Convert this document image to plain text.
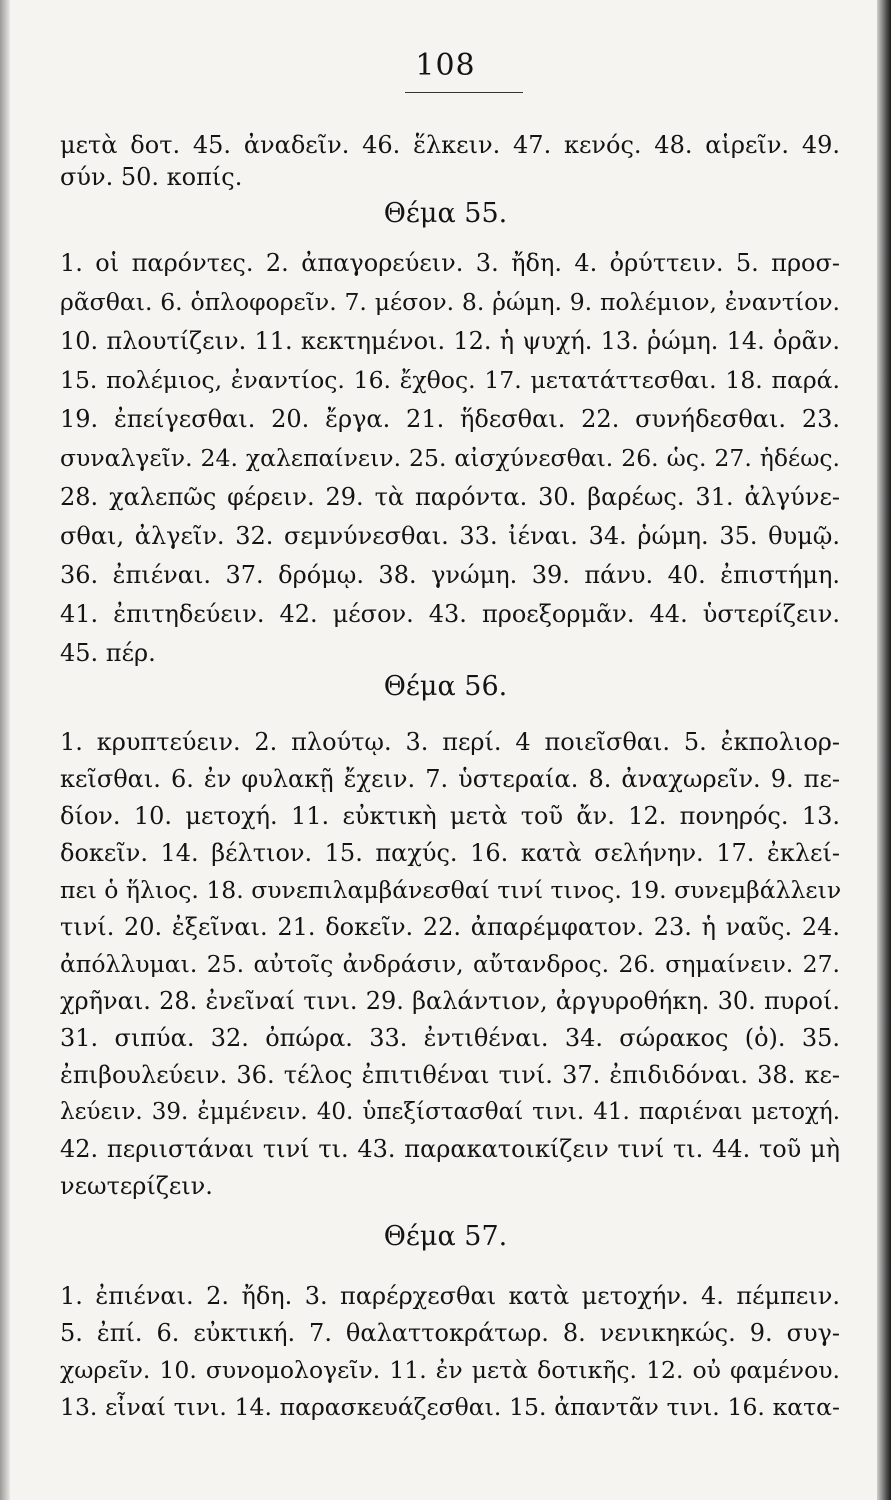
108
μετὰ δοτ. 45. ἀναδεῖν. 46. ἕλκειν. 47. κενός. 48. αἱρεῖν. 49.
σύν. 50. κοπίς.
Θέμα 55.
1. οἱ παρόντες. 2. ἀπαγορεύειν. 3. ἤδη. 4. ὀρύττειν. 5. προσ-
ρᾶσθαι. 6. ὁπλοφορεῖν. 7. μέσον. 8. ῥώμη. 9. πολέμιον, ἐναντίον.
10. πλουτίζειν. 11. κεκτημένοι. 12. ἡ ψυχή. 13. ῥώμη. 14. ὁρᾶν.
15. πολέμιος, ἐναντίος. 16. ἔχθος. 17. μετατάττεσθαι. 18. παρά.
19. ἐπείγεσθαι. 20. ἔργα. 21. ἥδεσθαι. 22. συνήδεσθαι. 23.
συναλγεῖν. 24. χαλεπαίνειν. 25. αἰσχύνεσθαι. 26. ὡς. 27. ἡδέως.
28. χαλεπῶς φέρειν. 29. τὰ παρόντα. 30. βαρέως. 31. ἀλγύνε-
σθαι, ἀλγεῖν. 32. σεμνύνεσθαι. 33. ἰέναι. 34. ῥώμη. 35. θυμῷ.
36. ἐπιέναι. 37. δρόμῳ. 38. γνώμη. 39. πάνυ. 40. ἐπιστήμη.
41. ἐπιτηδεύειν. 42. μέσον. 43. προεξορμᾶν. 44. ὑστερίζειν.
45. πέρ.
Θέμα 56.
1. κρυπτεύειν. 2. πλούτῳ. 3. περί. 4 ποιεῖσθαι. 5. ἐκπολιορ-
κεῖσθαι. 6. ἐν φυλακῇ ἔχειν. 7. ὑστεραία. 8. ἀναχωρεῖν. 9. πε-
δίον. 10. μετοχή. 11. εὐκτικὴ μετὰ τοῦ ἄν. 12. πονηρός. 13.
δοκεῖν. 14. βέλτιον. 15. παχύς. 16. κατὰ σελήνην. 17. ἐκλεί-
πει ὁ ἥλιος. 18. συνεπιλαμβάνεσθαί τινί τινος. 19. συνεμβάλλειν
τινί. 20. ἐξεῖναι. 21. δοκεῖν. 22. ἀπαρέμφατον. 23. ἡ ναῦς. 24.
ἀπόλλυμαι. 25. αὐτοῖς ἀνδράσιν, αὔτανδρος. 26. σημαίνειν. 27.
χρῆναι. 28. ἐνεῖναί τινι. 29. βαλάντιον, ἀργυροθήκη. 30. πυροί.
31. σιπύα. 32. ὀπώρα. 33. ἐντιθέναι. 34. σώρακος (ὁ). 35.
ἐπιβουλεύειν. 36. τέλος ἐπιτιθέναι τινί. 37. ἐπιδιδόναι. 38. κε-
λεύειν. 39. ἐμμένειν. 40. ὑπεξίστασθαί τινι. 41. παριέναι μετοχή.
42. περιιστάναι τινί τι. 43. παρακατοικίζειν τινί τι. 44. τοῦ μὴ
νεωτερίζειν.
Θέμα 57.
1. ἐπιέναι. 2. ἤδη. 3. παρέρχεσθαι κατὰ μετοχήν. 4. πέμπειν.
5. ἐπί. 6. εὐκτική. 7. θαλαττοκράτωρ. 8. νενικηκώς. 9. συγ-
χωρεῖν. 10. συνομολογεῖν. 11. ἐν μετὰ δοτικῆς. 12. οὐ φαμένου.
13. εἶναί τινι. 14. παρασκευάζεσθαι. 15. ἀπαντᾶν τινι. 16. κατα-
